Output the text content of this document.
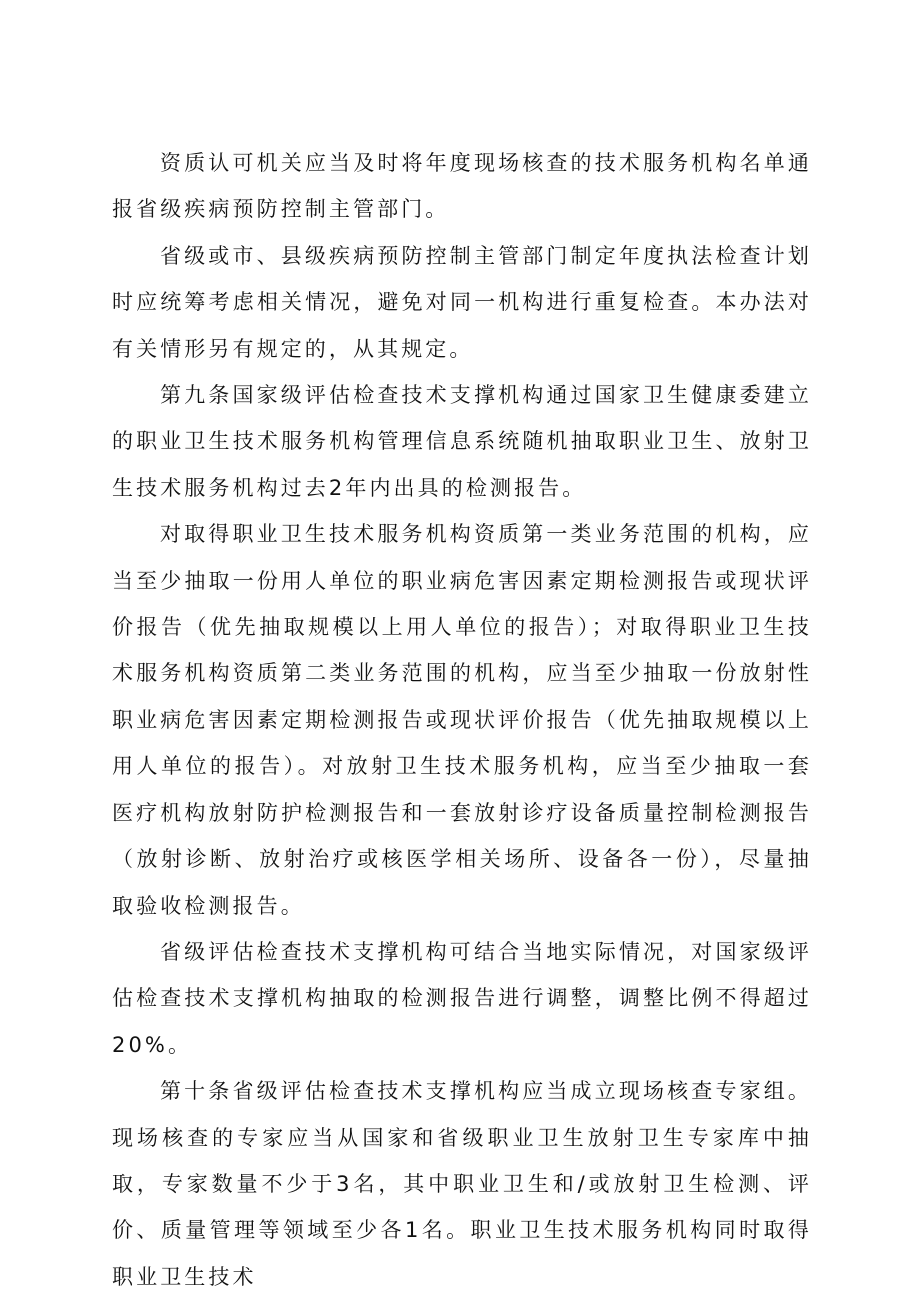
资质认可机关应当及时将年度现场核查的技术服务机构名单通报省级疾病预防控制主管部门。

省级或市、县级疾病预防控制主管部门制定年度执法检查计划时应统筹考虑相关情况，避免对同一机构进行重复检查。本办法对有关情形另有规定的，从其规定。

第九条国家级评估检查技术支撑机构通过国家卫生健康委建立的职业卫生技术服务机构管理信息系统随机抽取职业卫生、放射卫生技术服务机构过去2年内出具的检测报告。

对取得职业卫生技术服务机构资质第一类业务范围的机构，应当至少抽取一份用人单位的职业病危害因素定期检测报告或现状评价报告（优先抽取规模以上用人单位的报告）；对取得职业卫生技术服务机构资质第二类业务范围的机构，应当至少抽取一份放射性职业病危害因素定期检测报告或现状评价报告（优先抽取规模以上用人单位的报告）。对放射卫生技术服务机构，应当至少抽取一套医疗机构放射防护检测报告和一套放射诊疗设备质量控制检测报告（放射诊断、放射治疗或核医学相关场所、设备各一份），尽量抽取验收检测报告。

省级评估检查技术支撑机构可结合当地实际情况，对国家级评估检查技术支撑机构抽取的检测报告进行调整，调整比例不得超过20%。

第十条省级评估检查技术支撑机构应当成立现场核查专家组。现场核查的专家应当从国家和省级职业卫生放射卫生专家库中抽取，专家数量不少于3名，其中职业卫生和/或放射卫生检测、评价、质量管理等领域至少各1名。职业卫生技术服务机构同时取得职业卫生技术
